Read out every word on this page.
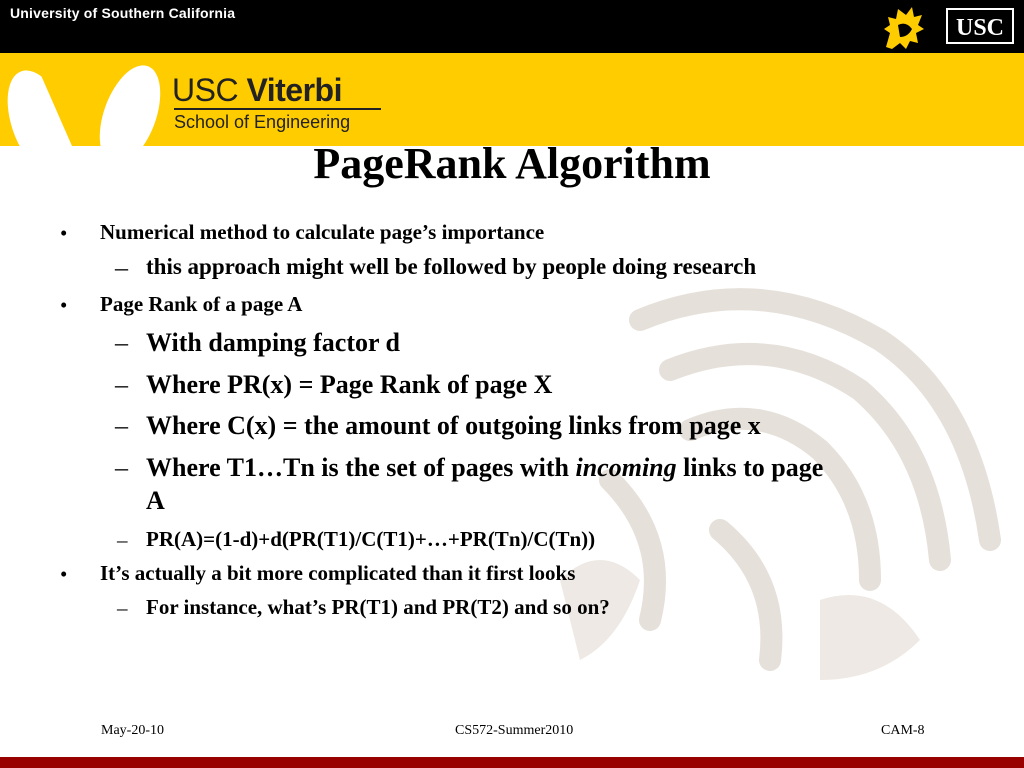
University of Southern California
USC
USC Viterbi
School of Engineering
PageRank Algorithm
• Numerical method to calculate page’s importance
– this approach might well be followed by people doing research
• Page Rank of a page A
– With damping factor d
– Where PR(x) = Page Rank of page X
– Where C(x) = the amount of outgoing links from page x
– Where T1…Tn is the set of pages with incoming links to page
A
– PR(A)=(1-d)+d(PR(T1)/C(T1)+…+PR(Tn)/C(Tn))
• It’s actually a bit more complicated than it first looks
– For instance, what’s PR(T1) and PR(T2) and so on?
May-20-10	CS572-Summer2010	CAM-8
